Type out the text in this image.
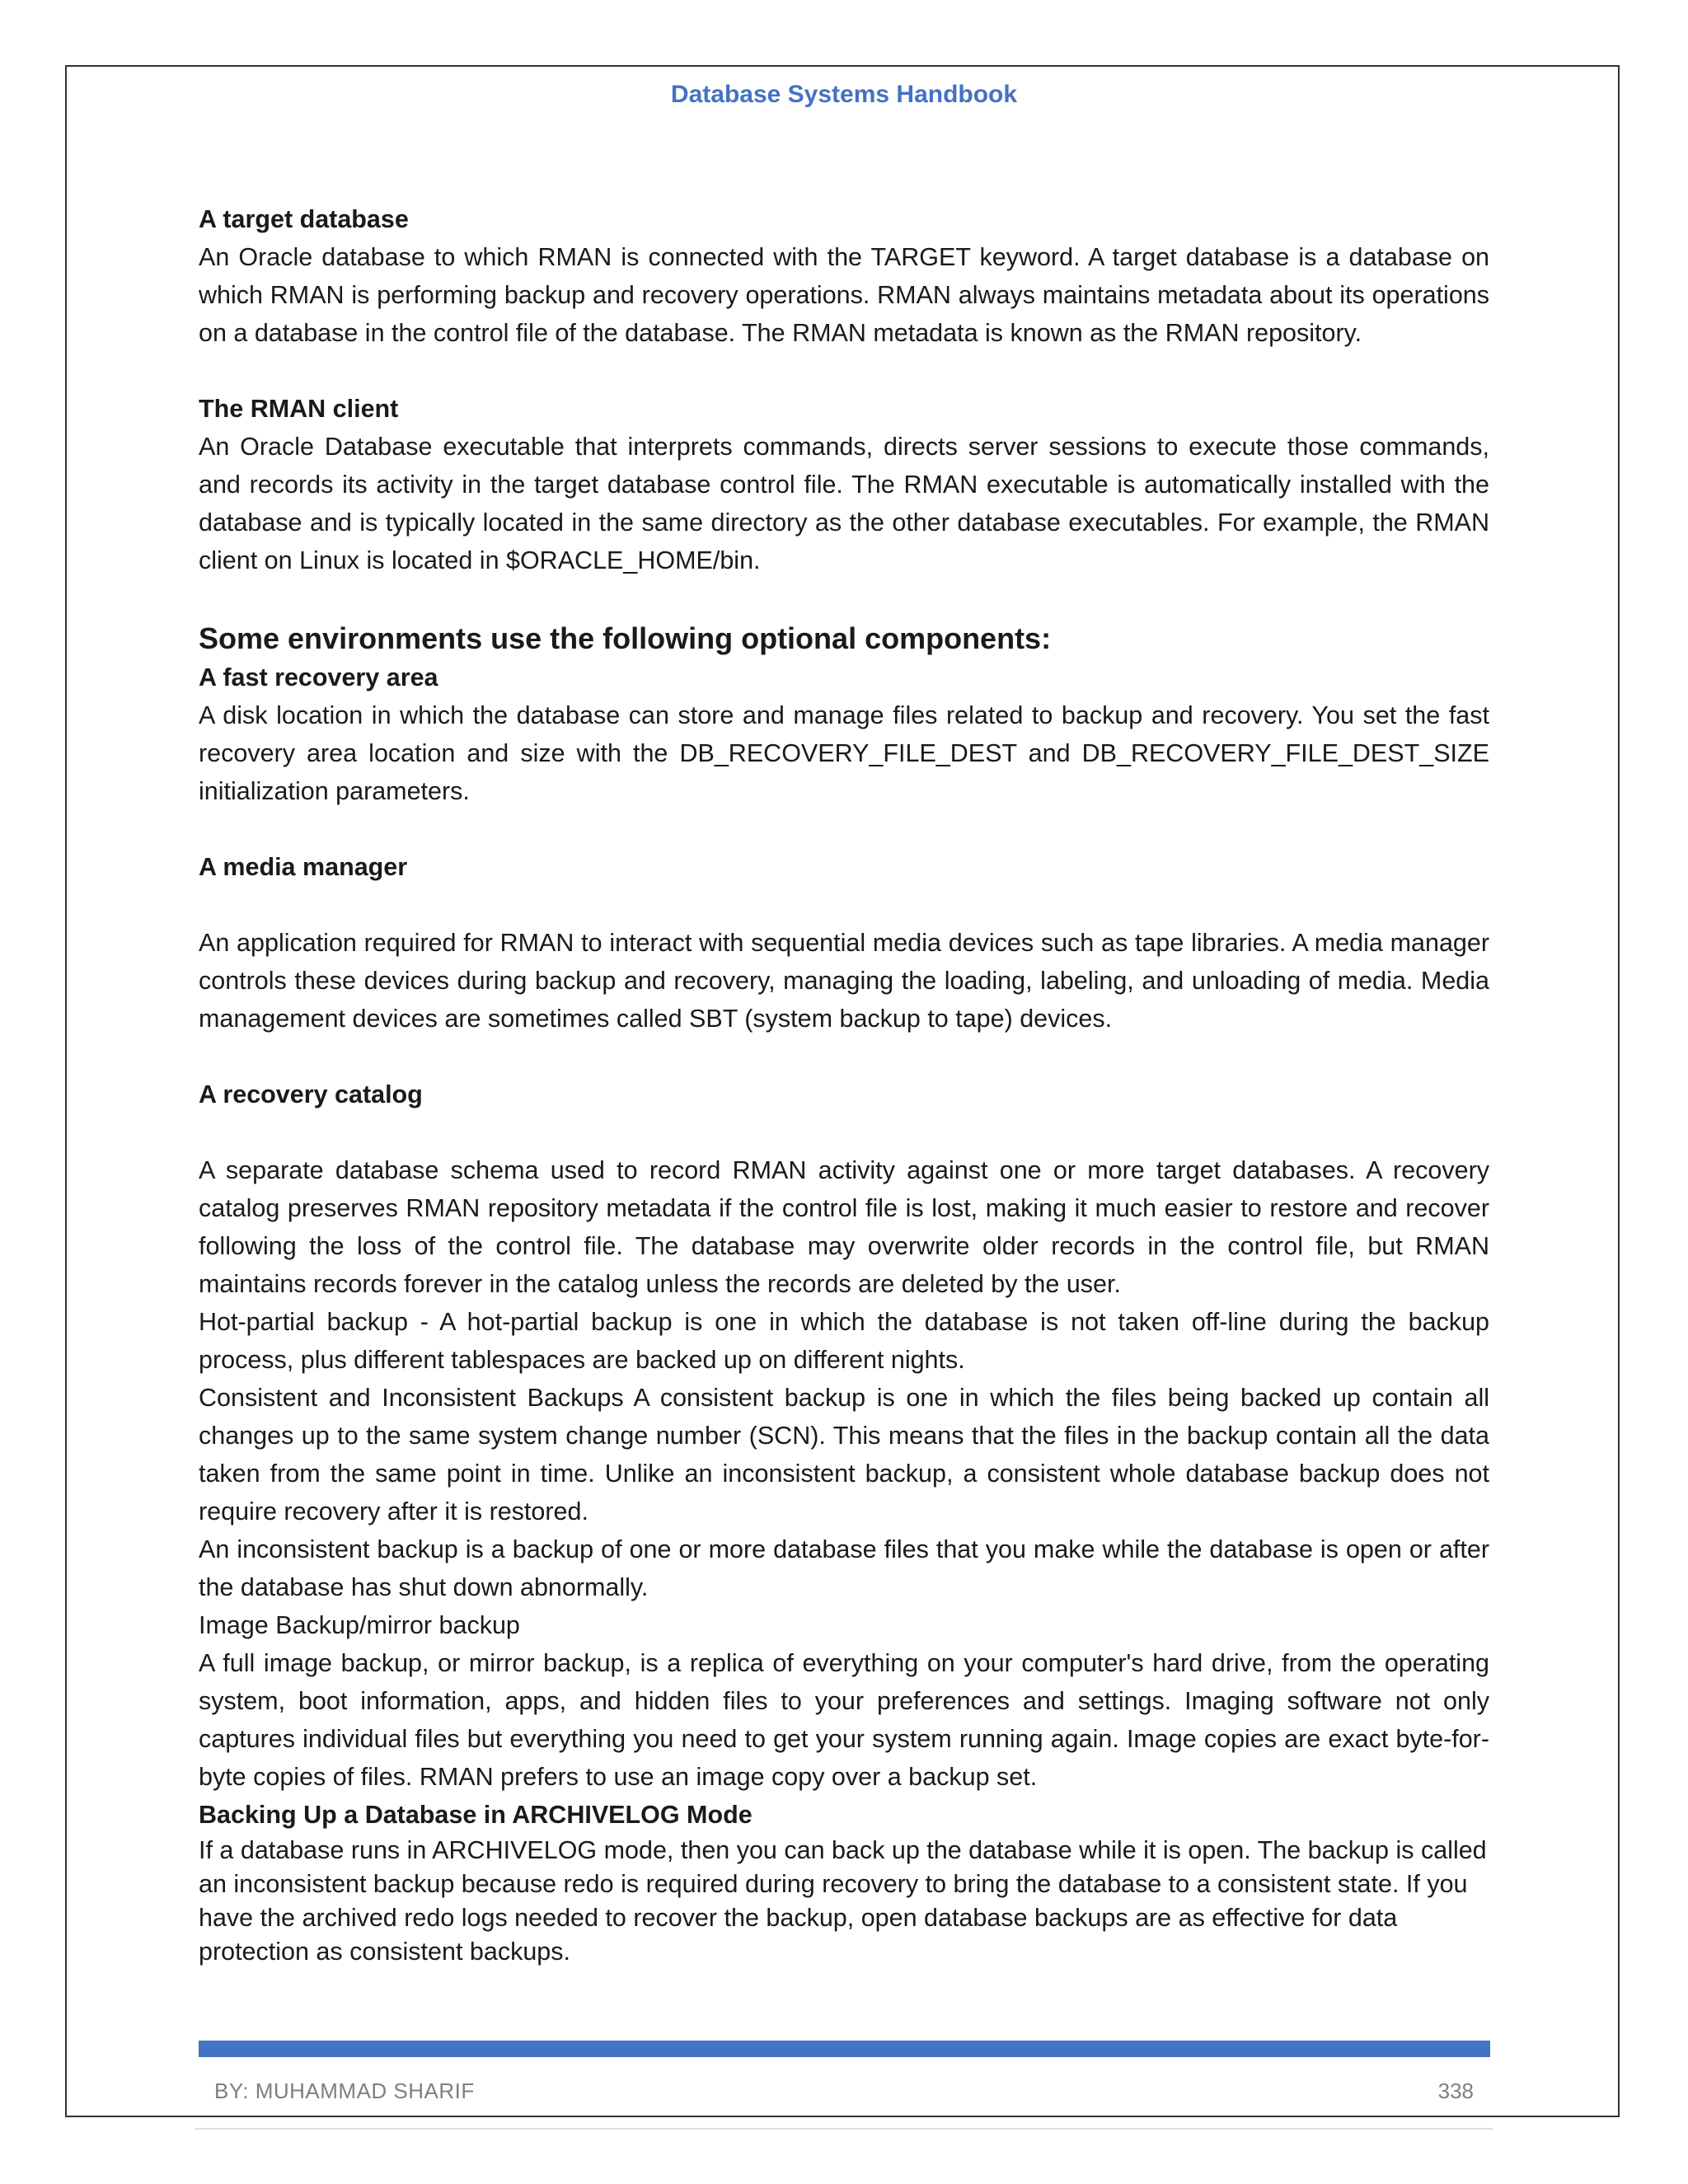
Database Systems Handbook

A target database

An Oracle database to which RMAN is connected with the TARGET keyword. A target database is a database on which RMAN is performing backup and recovery operations. RMAN always maintains metadata about its operations on a database in the control file of the database. The RMAN metadata is known as the RMAN repository.

The RMAN client

An Oracle Database executable that interprets commands, directs server sessions to execute those commands, and records its activity in the target database control file. The RMAN executable is automatically installed with the database and is typically located in the same directory as the other database executables. For example, the RMAN client on Linux is located in $ORACLE_HOME/bin.

Some environments use the following optional components:

A fast recovery area

A disk location in which the database can store and manage files related to backup and recovery. You set the fast recovery area location and size with the DB_RECOVERY_FILE_DEST and DB_RECOVERY_FILE_DEST_SIZE initialization parameters.

A media manager

An application required for RMAN to interact with sequential media devices such as tape libraries. A media manager controls these devices during backup and recovery, managing the loading, labeling, and unloading of media. Media management devices are sometimes called SBT (system backup to tape) devices.

A recovery catalog

A separate database schema used to record RMAN activity against one or more target databases. A recovery catalog preserves RMAN repository metadata if the control file is lost, making it much easier to restore and recover following the loss of the control file. The database may overwrite older records in the control file, but RMAN maintains records forever in the catalog unless the records are deleted by the user.

Hot-partial backup - A hot-partial backup is one in which the database is not taken off-line during the backup process, plus different tablespaces are backed up on different nights.

Consistent and Inconsistent Backups A consistent backup is one in which the files being backed up contain all changes up to the same system change number (SCN). This means that the files in the backup contain all the data taken from the same point in time. Unlike an inconsistent backup, a consistent whole database backup does not require recovery after it is restored.

An inconsistent backup is a backup of one or more database files that you make while the database is open or after the database has shut down abnormally.

Image Backup/mirror backup

A full image backup, or mirror backup, is a replica of everything on your computer's hard drive, from the operating system, boot information, apps, and hidden files to your preferences and settings. Imaging software not only captures individual files but everything you need to get your system running again. Image copies are exact byte-for-byte copies of files. RMAN prefers to use an image copy over a backup set.

Backing Up a Database in ARCHIVELOG Mode

If a database runs in ARCHIVELOG mode, then you can back up the database while it is open. The backup is called an inconsistent backup because redo is required during recovery to bring the database to a consistent state. If you have the archived redo logs needed to recover the backup, open database backups are as effective for data protection as consistent backups.

BY: MUHAMMAD SHARIF	338
